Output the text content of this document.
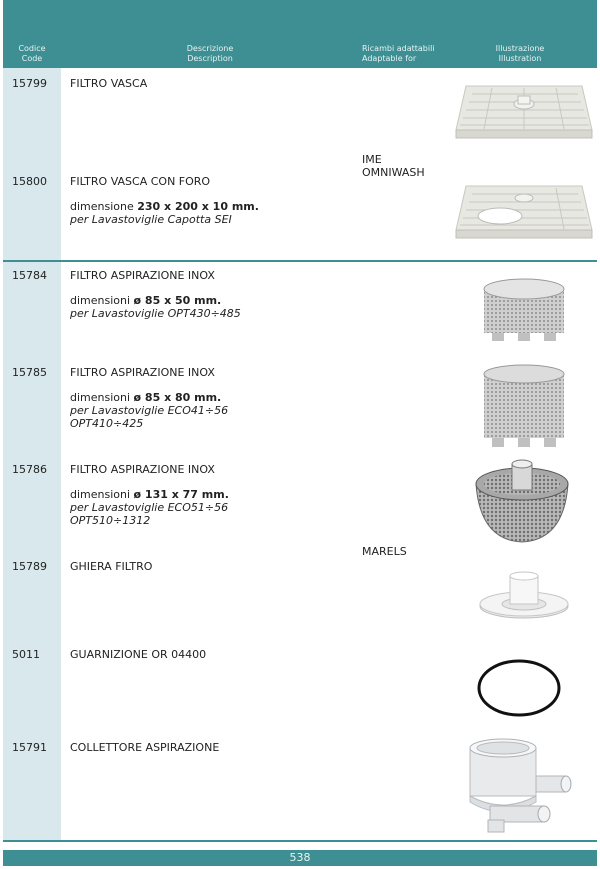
Codice
Code
Descrizione
Description
Ricambi adattabili
Adaptable for
Illustrazione
Illustration
15799 FILTRO VASCA
IME
OMNIWASH
15800 FILTRO VASCA CON FORO
dimensione 230 x 200 x 10 mm.
per Lavastoviglie Capotta SEI
15784 FILTRO ASPIRAZIONE INOX
dimensioni ø 85 x 50 mm.
per Lavastoviglie OPT430÷485
15785 FILTRO ASPIRAZIONE INOX
dimensioni ø 85 x 80 mm.
per Lavastoviglie ECO41÷56
OPT410÷425
15786 FILTRO ASPIRAZIONE INOX
dimensioni ø 131 x 77 mm.
per Lavastoviglie ECO51÷56
OPT510÷1312
MARELS
15789 GHIERA FILTRO
5011	GUARNIZIONE OR 04400
15791 COLLETTORE ASPIRAZIONE
538
